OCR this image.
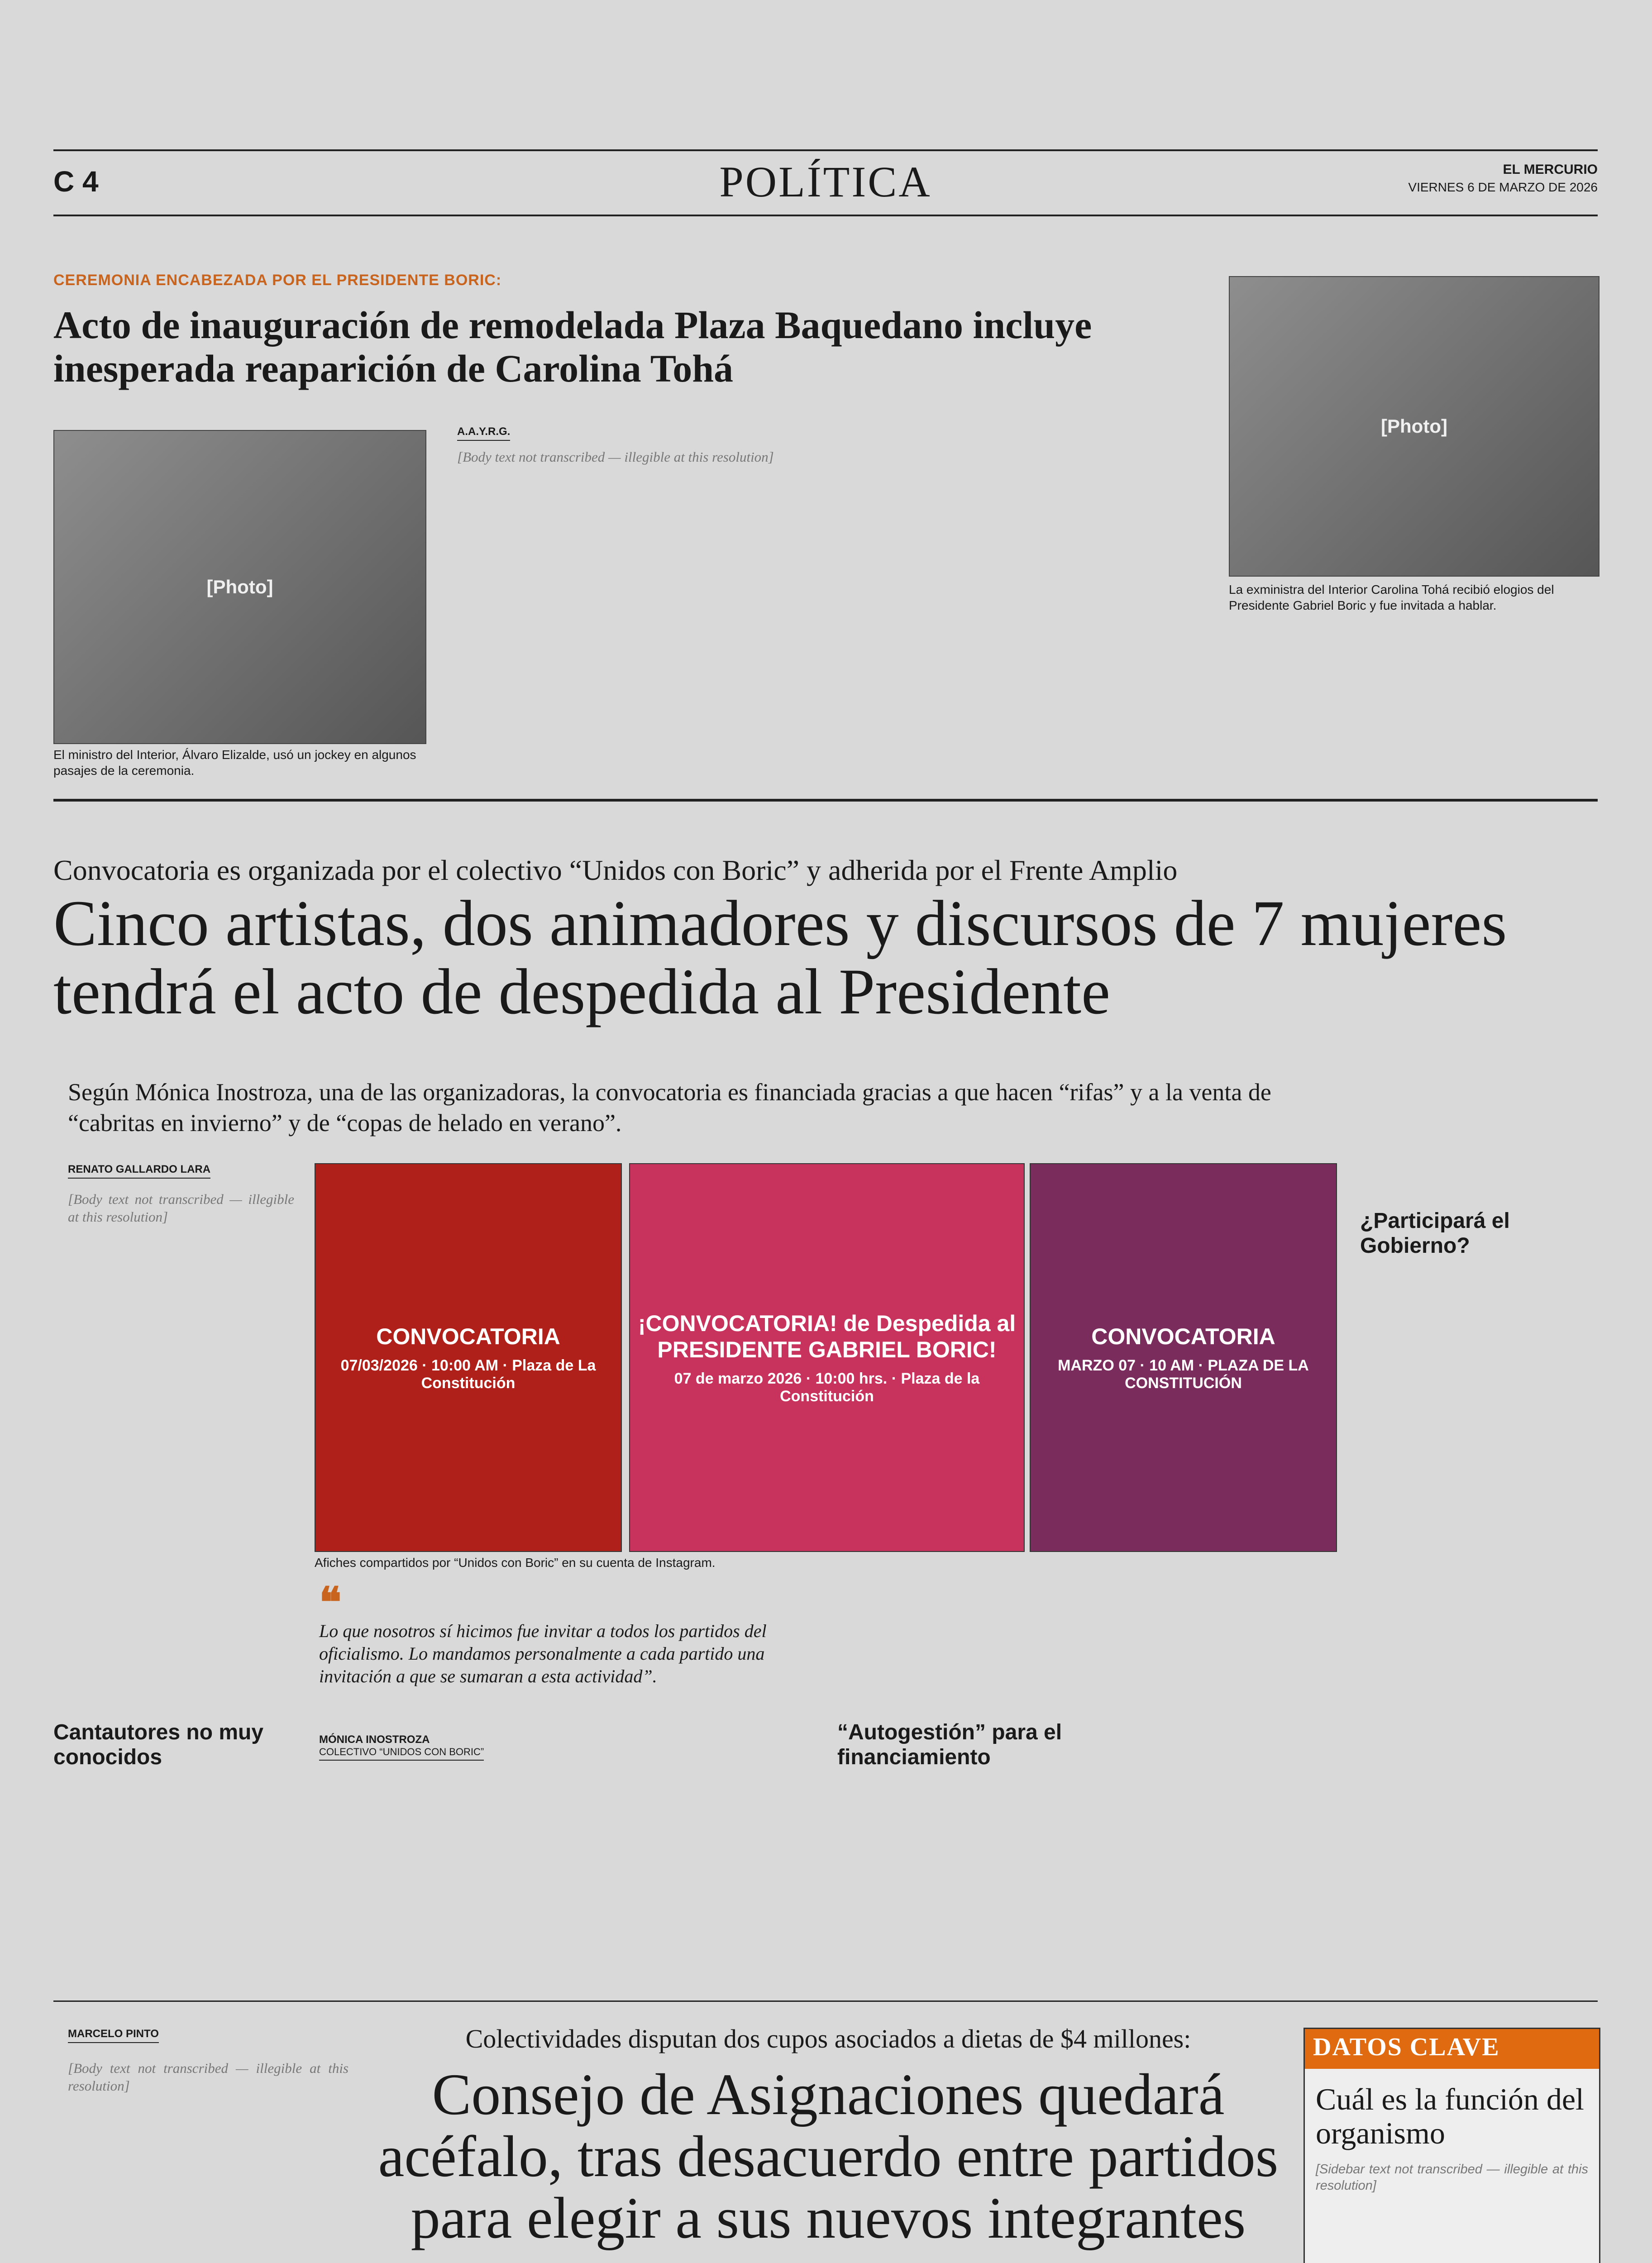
C 4	POLÍTICA	EL MERCURIO
VIERNES 6 DE MARZO DE 2026
CEREMONIA ENCABEZADA POR EL PRESIDENTE BORIC:
Acto de inauguración de remodelada Plaza Baquedano incluye inesperada reaparición de Carolina Tohá
[Photo]
El ministro del Interior, Álvaro Elizalde, usó un jockey en algunos pasajes de la ceremonia.
[Photo]
La exministra del Interior Carolina Tohá recibió elogios del Presidente Gabriel Boric y fue invitada a hablar.
A.A.Y.R.G.
[Body text not transcribed — illegible at this resolution]
Convocatoria es organizada por el colectivo “Unidos con Boric” y adherida por el Frente Amplio
Cinco artistas, dos animadores y discursos de 7 mujeres tendrá el acto de despedida al Presidente
Según Mónica Inostroza, una de las organizadoras, la convocatoria es financiada gracias a que hacen “rifas” y a la venta de “cabritas en invierno” y de “copas de helado en verano”.
RENATO GALLARDO LARA
[Body text not transcribed — illegible at this resolution]
CONVOCATORIA
07/03/2026 · 10:00 AM · Plaza de La Constitución
¡CONVOCATORIA! de Despedida al PRESIDENTE GABRIEL BORIC!
07 de marzo 2026 · 10:00 hrs. · Plaza de la Constitución
CONVOCATORIA
MARZO 07 · 10 AM · PLAZA DE LA CONSTITUCIÓN
Afiches compartidos por “Unidos con Boric” en su cuenta de Instagram.
❝
Lo que nosotros sí hicimos fue invitar a todos los partidos del oficialismo. Lo mandamos personalmente a cada partido una invitación a que se sumaran a esta actividad”.
MÓNICA INOSTROZA
COLECTIVO “UNIDOS CON BORIC”
Cantautores no muy conocidos
“Autogestión” para el financiamiento
¿Participará el Gobierno?
MARCELO PINTO
[Body text not transcribed — illegible at this resolution]
Colectividades disputan dos cupos asociados a dietas de $4 millones:
Consejo de Asignaciones quedará acéfalo, tras desacuerdo entre partidos para elegir a sus nuevos integrantes
DATOS CLAVE
Cuál es la función del organismo
[Sidebar text not transcribed — illegible at this resolution]
